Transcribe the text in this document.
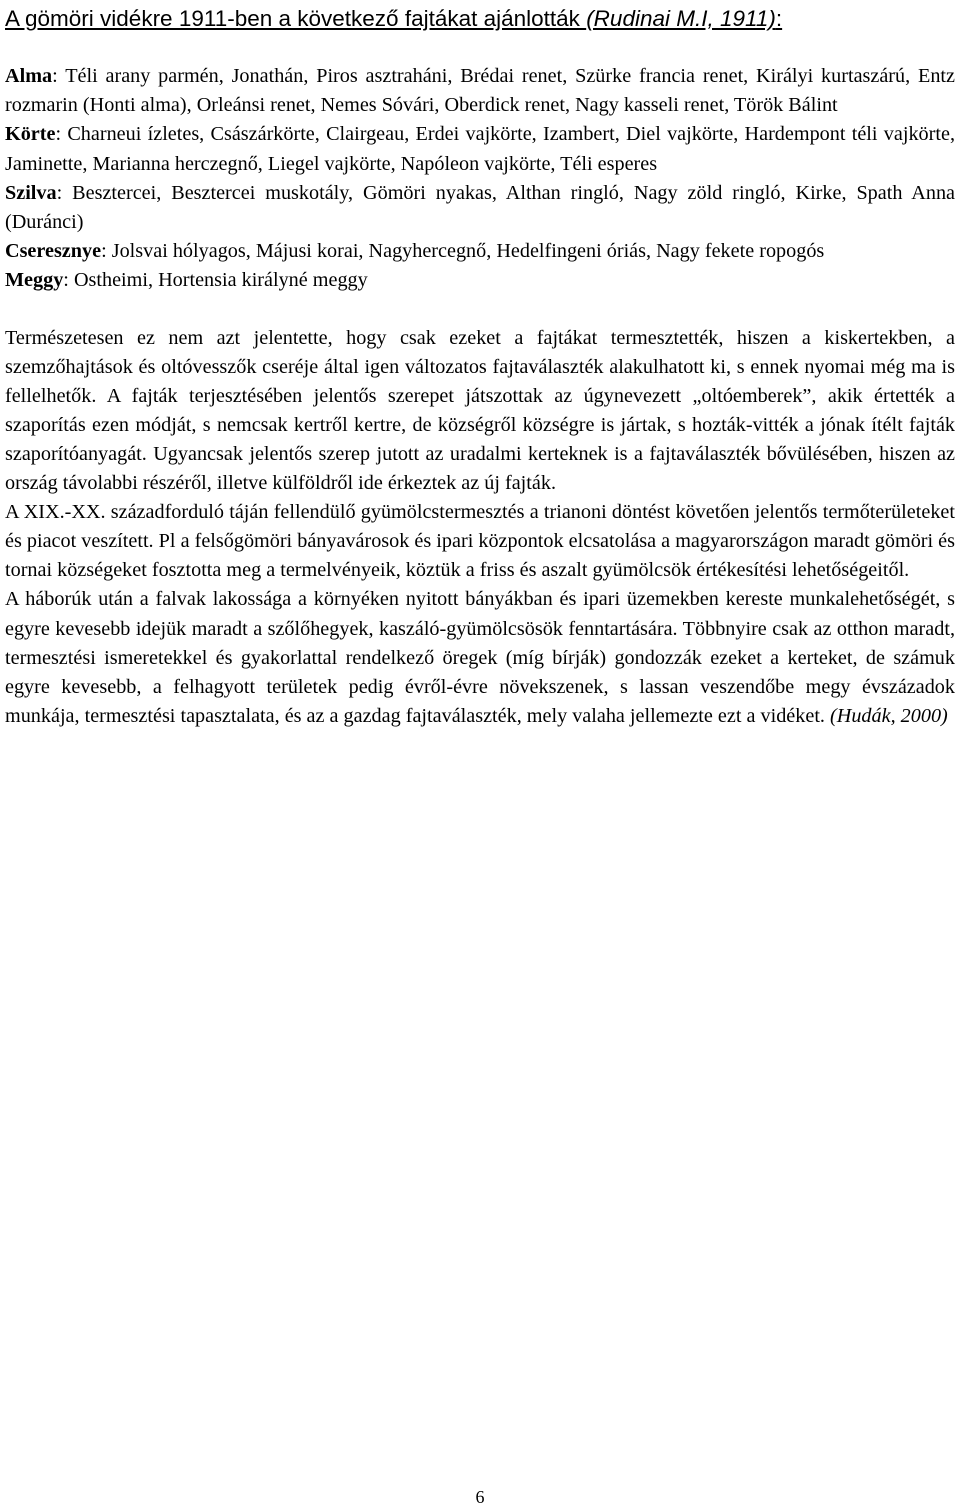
A gömöri vidékre 1911-ben a következő fajtákat ajánlották (Rudinai M.I, 1911):

Alma: Téli arany parmén, Jonathán, Piros asztraháni, Brédai renet, Szürke francia renet, Királyi kurtaszárú, Entz rozmarin (Honti alma), Orleánsi renet, Nemes Sóvári, Oberdick renet, Nagy kasseli renet, Török Bálint

Körte: Charneui ízletes, Császárkörte, Clairgeau, Erdei vajkörte, Izambert, Diel vajkörte, Hardempont téli vajkörte, Jaminette, Marianna herczegnő, Liegel vajkörte, Napóleon vajkörte, Téli esperes

Szilva: Besztercei, Besztercei muskotály, Gömöri nyakas, Althan ringló, Nagy zöld ringló, Kirke, Spath Anna (Duránci)

Cseresznye: Jolsvai hólyagos, Májusi korai, Nagyhercegnő, Hedelfingeni óriás, Nagy fekete ropogós

Meggy: Ostheimi, Hortensia királyné meggy

Természetesen ez nem azt jelentette, hogy csak ezeket a fajtákat termesztették, hiszen a kiskertekben, a szemzőhajtások és oltóvesszők cseréje által igen változatos fajtaválaszték alakulhatott ki, s ennek nyomai még ma is fellelhetők. A fajták terjesztésében jelentős szerepet játszottak az úgynevezett „oltóemberek”, akik értették a szaporítás ezen módját, s nemcsak kertről kertre, de községről községre is jártak, s hozták-vitték a jónak ítélt fajták szaporítóanyagát. Ugyancsak jelentős szerep jutott az uradalmi kerteknek is a fajtaválaszték bővülésében, hiszen az ország távolabbi részéről, illetve külföldről ide érkeztek az új fajták.

A XIX.-XX. századforduló táján fellendülő gyümölcstermesztés a trianoni döntést követően jelentős termőterületeket és piacot veszített. Pl a felsőgömöri bányavárosok és ipari központok elcsatolása a magyarországon maradt gömöri és tornai községeket fosztotta meg a termelvényeik, köztük a friss és aszalt gyümölcsök értékesítési lehetőségeitől.

A háborúk után a falvak lakossága a környéken nyitott bányákban és ipari üzemekben kereste munkalehetőségét, s egyre kevesebb idejük maradt a szőlőhegyek, kaszáló-gyümölcsösök fenntartására. Többnyire csak az otthon maradt, termesztési ismeretekkel és gyakorlattal rendelkező öregek (míg bírják) gondozzák ezeket a kerteket, de számuk egyre kevesebb, a felhagyott területek pedig évről-évre növekszenek, s lassan veszendőbe megy évszázadok munkája, termesztési tapasztalata, és az a gazdag fajtaválaszték, mely valaha jellemezte ezt a vidéket. (Hudák, 2000)

6
